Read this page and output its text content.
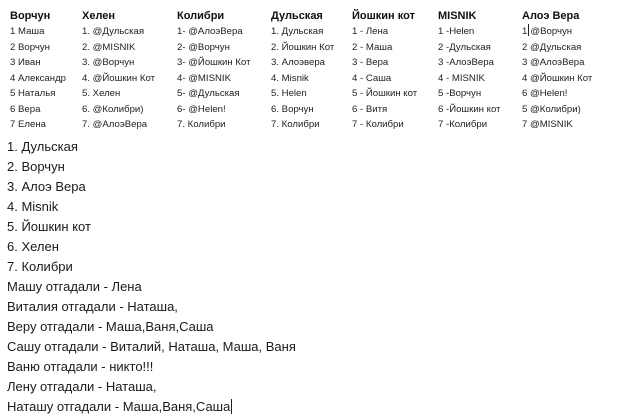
Ворчун
1 Маша
2 Ворчун
3 Иван
4 Александр
5 Наталья
6 Вера
7 Елена
Хелен
1. @Дульская
2. @MISNIK
3. @Ворчун
4. @Йошкин Кот
5. Хелен
6. @Колибри)
7. @АлоэВера
Колибри
1- @АлоэВера
2- @Ворчун
3- @Йошкин Кот
4- @MISNIK
5- @Дульская
6- @Helen!
7. Колибри
Дульская
1. Дульская
2. Йошкин Кот
3. Алоэвера
4. Misnik
5. Helen
6. Ворчун
7. Колибри
Йошкин кот
1 - Лена
2 - Маша
3 - Вера
4 - Саша
5 - Йошкин кот
6 - Витя
7 - Колибри
MISNIK
1 -Helen
2 -Дульская
3 -АлоэВера
4 - MISNIK
5 -Ворчун
6 -Йошкин кот
7 -Колибри
Алоэ Вера
1 @Ворчун
2 @Дульская
3 @АлоэВера
4 @Йошкин Кот
6 @Helen!
5 @Колибри)
7 @MISNIK
1. Дульская
2. Ворчун
3. Алоэ Вера
4. Misnik
5. Йошкин кот
6. Хелен
7. Колибри
Машу отгадали - Лена
Виталия отгадали - Наташа,
Веру отгадали - Маша,Ваня,Саша
Сашу отгадали - Виталий, Наташа, Маша, Ваня
Ваню отгадали - никто!!!
Лену отгадали - Наташа,
Наташу отгадали - Маша,Ваня,Саша
